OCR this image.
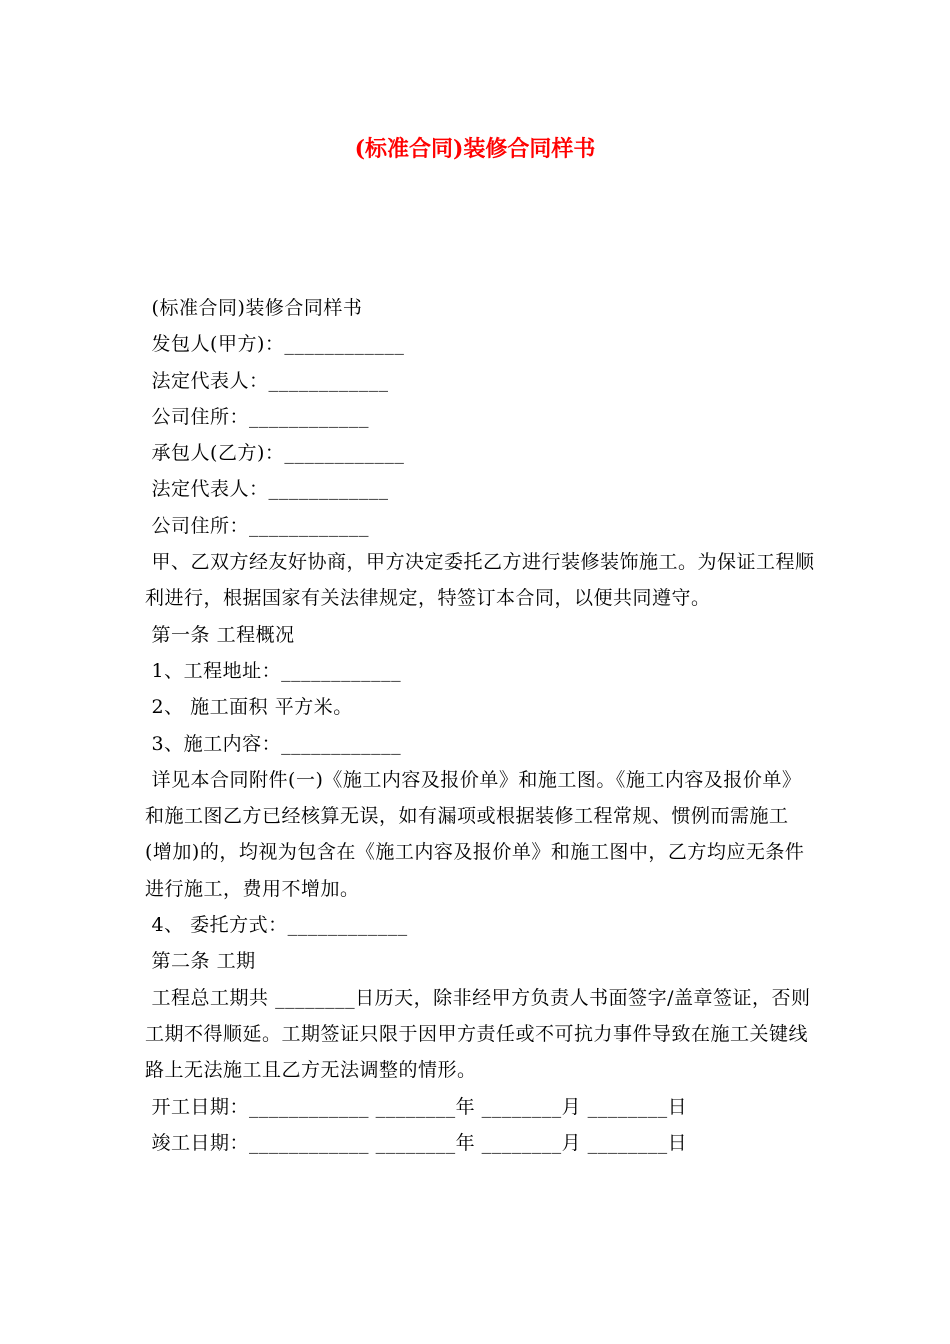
(标准合同)装修合同样书

(标准合同)装修合同样书

发包人(甲方)：____________

法定代表人：____________

公司住所：____________

承包人(乙方)：____________

法定代表人：____________

公司住所：____________

甲、乙双方经友好协商，甲方决定委托乙方进行装修装饰施工。为保证工程顺利进行，根据国家有关法律规定，特签订本合同，以便共同遵守。

第一条 工程概况

1、工程地址：____________

2、 施工面积 平方米。

3、施工内容：____________

详见本合同附件(一)《施工内容及报价单》和施工图。《施工内容及报价单》和施工图乙方已经核算无误，如有漏项或根据装修工程常规、惯例而需施工(增加)的，均视为包含在《施工内容及报价单》和施工图中，乙方均应无条件进行施工，费用不增加。

4、 委托方式：____________

第二条 工期

工程总工期共 ________日历天，除非经甲方负责人书面签字/盖章签证，否则工期不得顺延。工期签证只限于因甲方责任或不可抗力事件导致在施工关键线路上无法施工且乙方无法调整的情形。

开工日期：____________ ________年 ________月 ________日

竣工日期：____________ ________年 ________月 ________日
